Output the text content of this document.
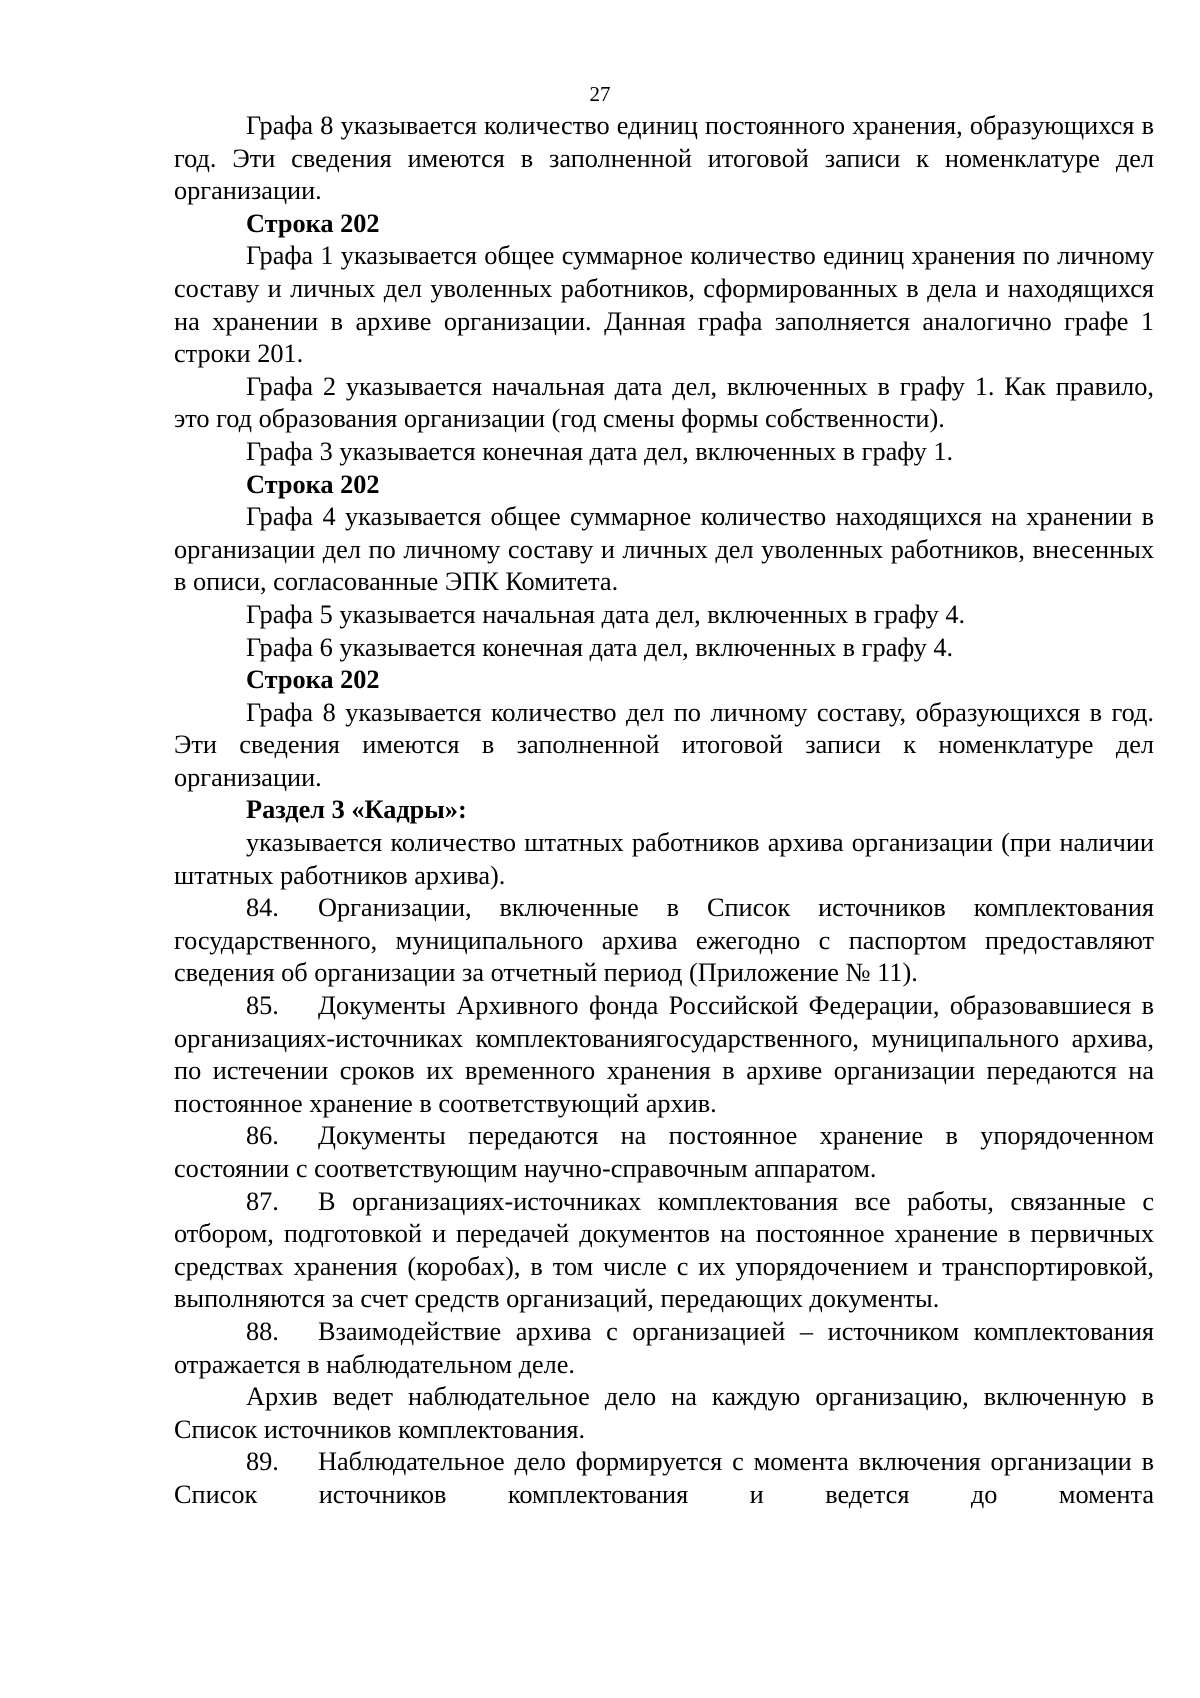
27

Графа 8 указывается количество единиц постоянного хранения, образующихся в год. Эти сведения имеются в заполненной итоговой записи к номенклатуре дел организации.

Строка 202

Графа 1 указывается общее суммарное количество единиц хранения по личному составу и личных дел уволенных работников, сформированных в дела и находящихся на хранении в архиве организации. Данная графа заполняется аналогично графе 1 строки 201.

Графа 2 указывается начальная дата дел, включенных в графу 1. Как правило, это год образования организации (год смены формы собственности).

Графа 3 указывается конечная дата дел, включенных в графу 1.

Строка 202

Графа 4 указывается общее суммарное количество находящихся на хранении в организации дел по личному составу и личных дел уволенных работников, внесенных в описи, согласованные ЭПК Комитета.

Графа 5 указывается начальная дата дел, включенных в графу 4.

Графа 6 указывается конечная дата дел, включенных в графу 4.

Строка 202

Графа 8 указывается количество дел по личному составу, образующихся в год. Эти сведения имеются в заполненной итоговой записи к номенклатуре дел организации.

Раздел 3 «Кадры»:

указывается количество штатных работников архива организации (при наличии штатных работников архива).

84. Организации, включенные в Список источников комплектования государственного, муниципального архива ежегодно с паспортом предоставляют сведения об организации за отчетный период (Приложение № 11).

85. Документы Архивного фонда Российской Федерации, образовавшиеся в организациях-источниках комплектованиягосударственного, муниципального архива, по истечении сроков их временного хранения в архиве организации передаются на постоянное хранение в соответствующий архив.

86. Документы передаются на постоянное хранение в упорядоченном состоянии с соответствующим научно-справочным аппаратом.

87. В организациях-источниках комплектования все работы, связанные с отбором, подготовкой и передачей документов на постоянное хранение в первичных средствах хранения (коробах), в том числе с их упорядочением и транспортировкой, выполняются за счет средств организаций, передающих документы.

88. Взаимодействие архива с организацией – источником комплектования отражается в наблюдательном деле.

Архив ведет наблюдательное дело на каждую организацию, включенную в Список источников комплектования.

89. Наблюдательное дело формируется с момента включения организации в Список источников комплектования и ведется до момента
